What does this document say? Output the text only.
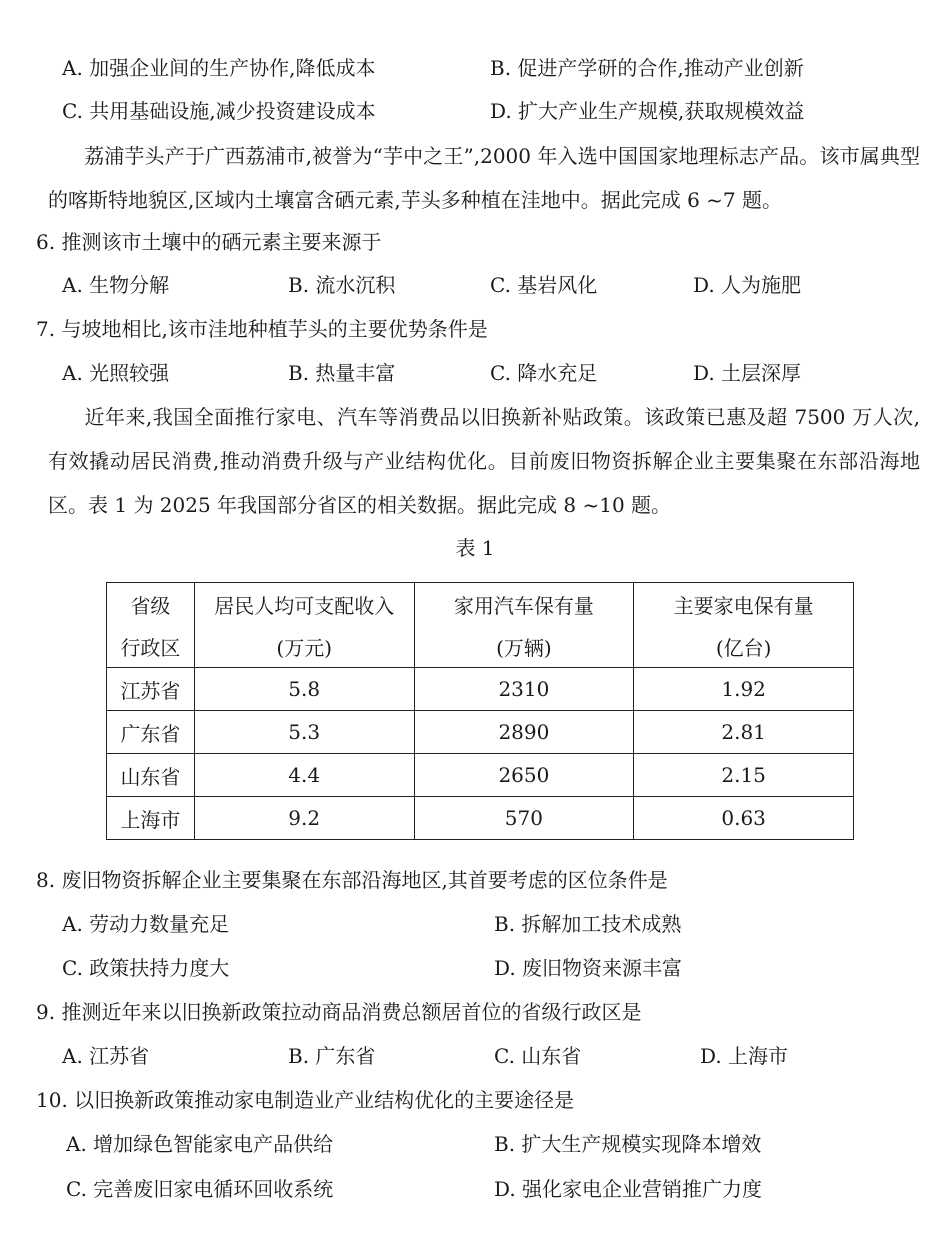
A. 加强企业间的生产协作,降低成本	B. 促进产学研的合作,推动产业创新
C. 共用基础设施,减少投资建设成本	D. 扩大产业生产规模,获取规模效益
荔浦芋头产于广西荔浦市,被誉为“芋中之王”,2000 年入选中国国家地理标志产品。该市属典型的喀斯特地貌区,区域内土壤富含硒元素,芋头多种植在洼地中。据此完成 6 ~7 题。
6. 推测该市土壤中的硒元素主要来源于
A. 生物分解	B. 流水沉积	C. 基岩风化	D. 人为施肥
7. 与坡地相比,该市洼地种植芋头的主要优势条件是
A. 光照较强	B. 热量丰富	C. 降水充足	D. 土层深厚
近年来,我国全面推行家电、汽车等消费品以旧换新补贴政策。该政策已惠及超 7500 万人次,有效撬动居民消费,推动消费升级与产业结构优化。目前废旧物资拆解企业主要集聚在东部沿海地区。表 1 为 2025 年我国部分省区的相关数据。据此完成 8 ~10 题。
表 1
省级	居民人均可支配收入	家用汽车保有量	主要家电保有量
行政区	(万元)	(万辆)	(亿台)
江苏省	5.8	2310	1.92
广东省	5.3	2890	2.81
山东省	4.4	2650	2.15
上海市	9.2	570	0.63
8. 废旧物资拆解企业主要集聚在东部沿海地区,其首要考虑的区位条件是
A. 劳动力数量充足	B. 拆解加工技术成熟
C. 政策扶持力度大	D. 废旧物资来源丰富
9. 推测近年来以旧换新政策拉动商品消费总额居首位的省级行政区是
A. 江苏省	B. 广东省	C. 山东省	D. 上海市
10. 以旧换新政策推动家电制造业产业结构优化的主要途径是
A. 增加绿色智能家电产品供给	B. 扩大生产规模实现降本增效
C. 完善废旧家电循环回收系统	D. 强化家电企业营销推广力度
